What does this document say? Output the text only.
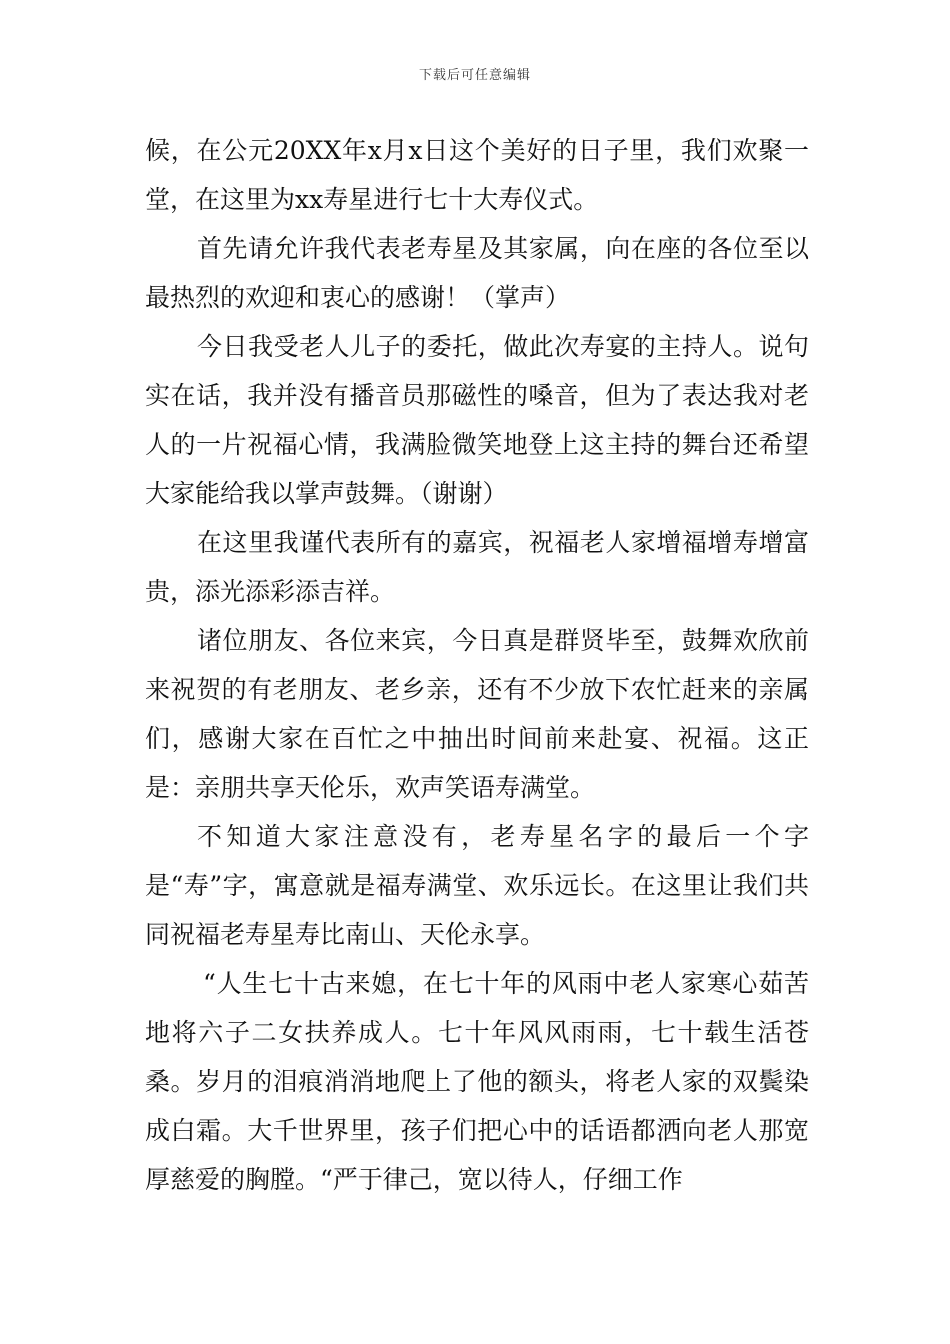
下载后可任意编辑

候，在公元20XX年x月x日这个美好的日子里，我们欢聚一堂，在这里为xx寿星进行七十大寿仪式。

首先请允许我代表老寿星及其家属，向在座的各位至以最热烈的欢迎和衷心的感谢！（掌声）

今日我受老人儿子的委托，做此次寿宴的主持人。说句实在话，我并没有播音员那磁性的嗓音，但为了表达我对老人的一片祝福心情，我满脸微笑地登上这主持的舞台还希望大家能给我以掌声鼓舞。（谢谢）

在这里我谨代表所有的嘉宾，祝福老人家增福增寿增富贵，添光添彩添吉祥。

诸位朋友、各位来宾，今日真是群贤毕至，鼓舞欢欣前来祝贺的有老朋友、老乡亲，还有不少放下农忙赶来的亲属们，感谢大家在百忙之中抽出时间前来赴宴、祝福。这正是：亲朋共享天伦乐，欢声笑语寿满堂。

不知道大家注意没有，老寿星名字的最后一个字是“寿”字，寓意就是福寿满堂、欢乐远长。在这里让我们共同祝福老寿星寿比南山、天伦永享。

“人生七十古来媳，在七十年的风雨中老人家寒心茹苦地将六子二女扶养成人。七十年风风雨雨，七十载生活苍桑。岁月的泪痕消消地爬上了他的额头，将老人家的双鬓染成白霜。大千世界里，孩子们把心中的话语都洒向老人那宽厚慈爱的胸膛。“严于律己，宽以待人，仔细工作
